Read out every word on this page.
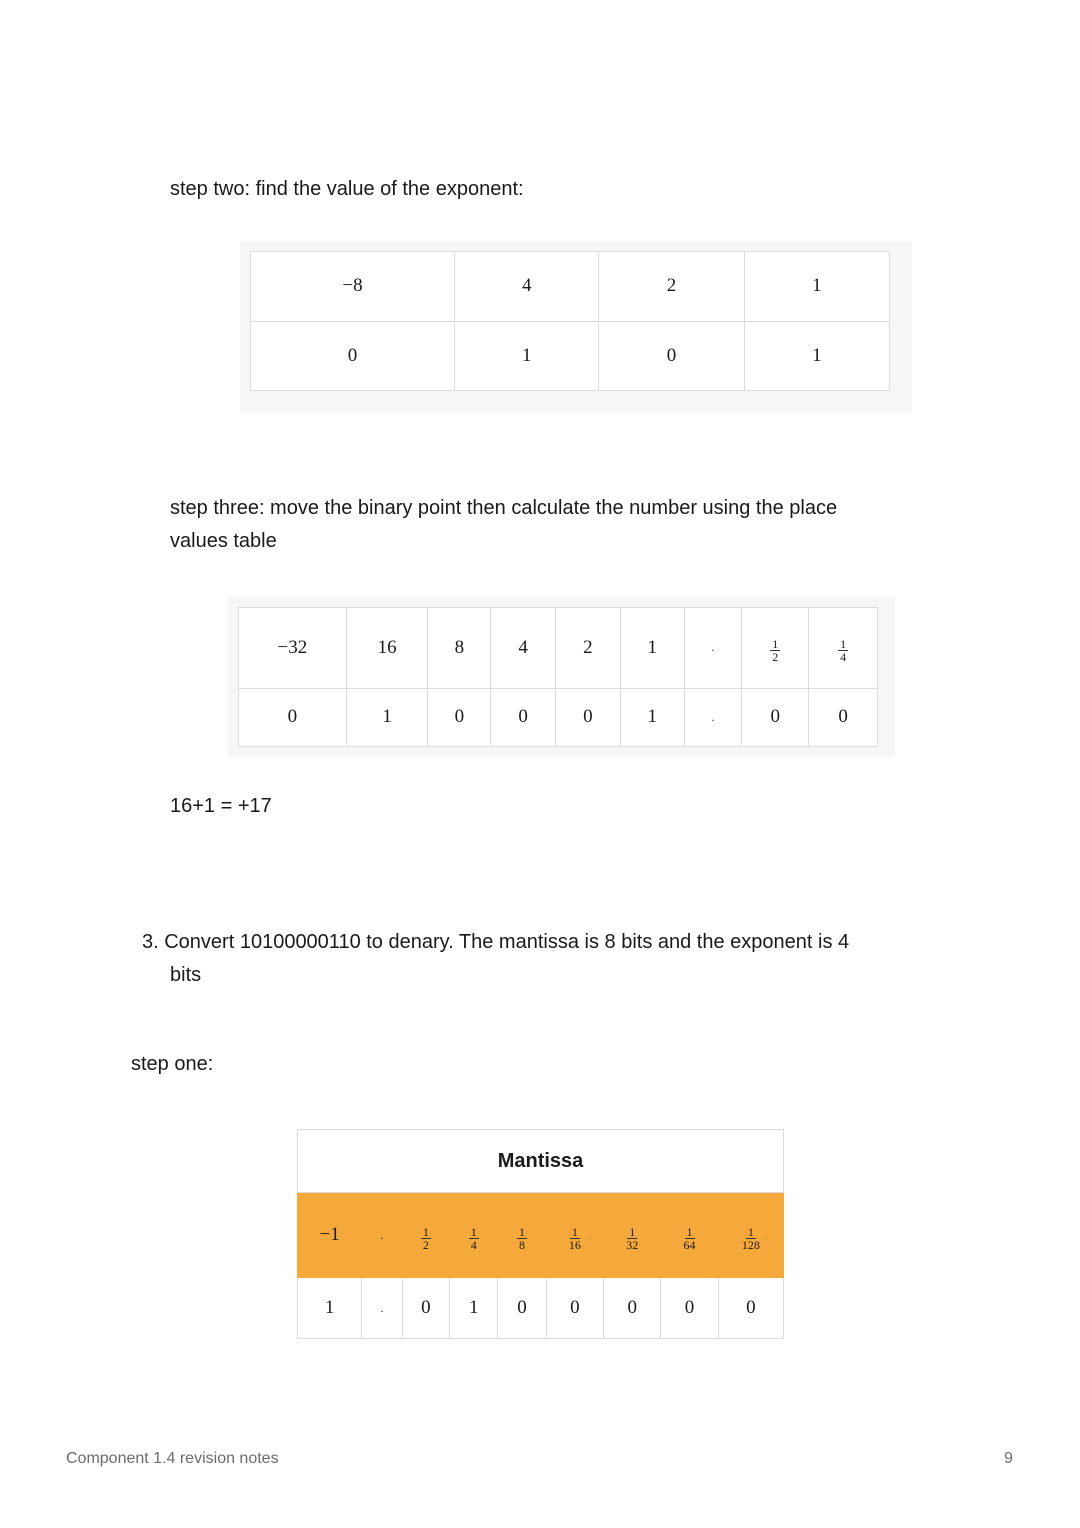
step two: find the value of the exponent:
−8	4	2	1
0	1	0	1
step three: move the binary point then calculate the number using the place
values table
−32	16	8	4	2	1	.	$\frac{1}{2}$	$\frac{1}{4}$

0	1	0	0	0	1	.	0	0
16+1 = +17
3. Convert 10100000110 to denary. The mantissa is 8 bits and the exponent is 4
bits
step one:
Mantissa								
−1	.	$\frac{1}{2}$	$\frac{1}{4}$	$\frac{1}{8}$	$\frac{1}{16}$	$\frac{1}{32}$	$\frac{1}{64}$	$\frac{1}{128}$

1	.	0	1	0	0	0	0	0
Component 1.4 revision notes	9
